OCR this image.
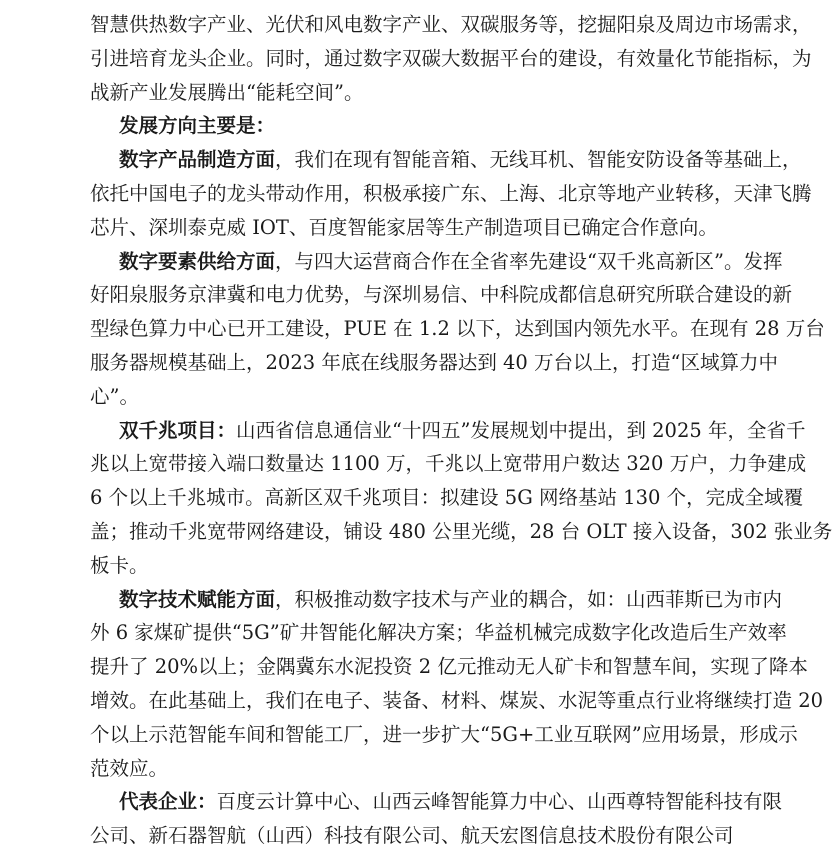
智慧供热数字产业、光伏和风电数字产业、双碳服务等，挖掘阳泉及周边市场需求，
引进培育龙头企业。同时，通过数字双碳大数据平台的建设，有效量化节能指标，为
战新产业发展腾出“能耗空间”。
发展方向主要是：
数字产品制造方面，我们在现有智能音箱、无线耳机、智能安防设备等基础上，
依托中国电子的龙头带动作用，积极承接广东、上海、北京等地产业转移，天津飞腾
芯片、深圳泰克威 IOT、百度智能家居等生产制造项目已确定合作意向。
数字要素供给方面，与四大运营商合作在全省率先建设“双千兆高新区”。发挥
好阳泉服务京津冀和电力优势，与深圳易信、中科院成都信息研究所联合建设的新
型绿色算力中心已开工建设，PUE 在 1.2 以下，达到国内领先水平。在现有 28 万台
服务器规模基础上，2023 年底在线服务器达到 40 万台以上，打造“区域算力中
心”。
双千兆项目：山西省信息通信业“十四五”发展规划中提出，到 2025 年，全省千
兆以上宽带接入端口数量达 1100 万，千兆以上宽带用户数达 320 万户，力争建成
6 个以上千兆城市。高新区双千兆项目：拟建设 5G 网络基站 130 个，完成全域覆
盖；推动千兆宽带网络建设，铺设 480 公里光缆，28 台 OLT 接入设备，302 张业务
板卡。
数字技术赋能方面，积极推动数字技术与产业的耦合，如：山西菲斯已为市内
外 6 家煤矿提供“5G”矿井智能化解决方案；华益机械完成数字化改造后生产效率
提升了 20%以上；金隅冀东水泥投资 2 亿元推动无人矿卡和智慧车间，实现了降本
增效。在此基础上，我们在电子、装备、材料、煤炭、水泥等重点行业将继续打造 20
个以上示范智能车间和智能工厂，进一步扩大“5G+工业互联网”应用场景，形成示
范效应。
代表企业：百度云计算中心、山西云峰智能算力中心、山西尊特智能科技有限
公司、新石器智航（山西）科技有限公司、航天宏图信息技术股份有限公司
